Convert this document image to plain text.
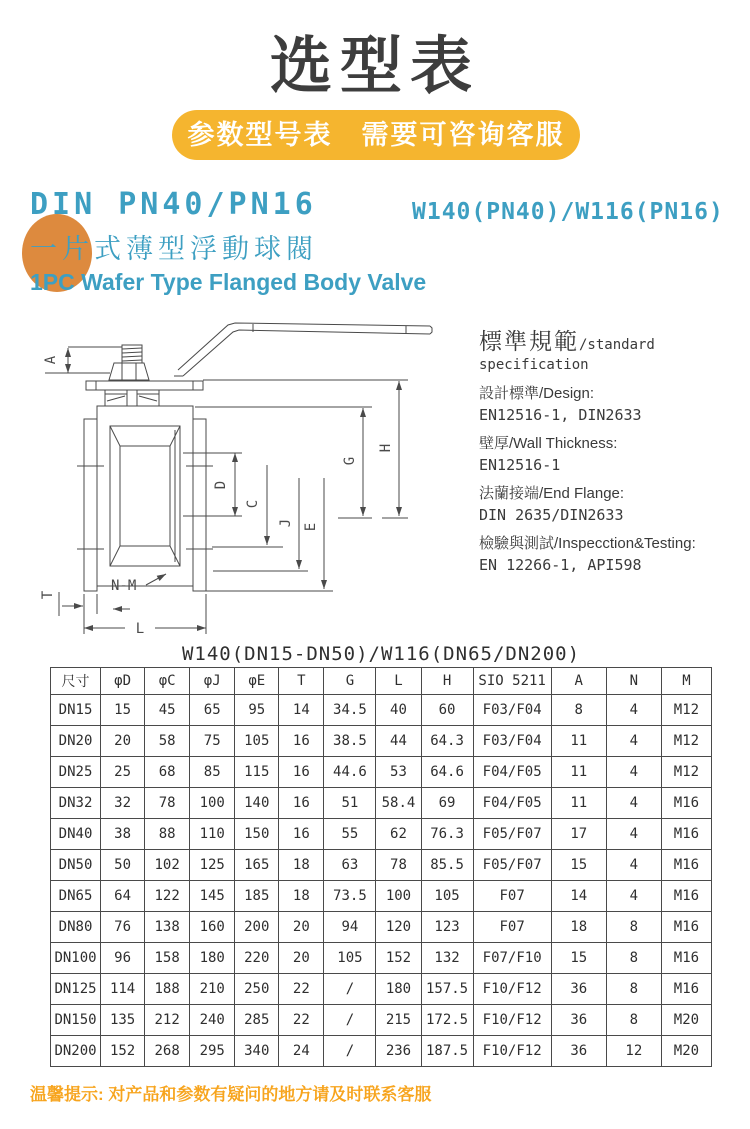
选型表
参数型号表　需要可咨询客服
DIN PN40/PN16
一片式薄型浮動球閥
1PC Wafer Type Flanged Body Valve
W140(PN40)/W116(PN16)
A
D
C
J E
G
H
T
L
N-M
標準規範/standard specification
設計標準/Design:
EN12516-1, DIN2633
壁厚/Wall Thickness:
EN12516-1
法蘭接端/End Flange:
DIN 2635/DIN2633
檢驗與測試/Inspecction&Testing:
EN 12266-1, API598
W140(DN15-DN50)/W116(DN65/DN200)
尺寸	φD	φC	φJ	φE	T	G	L	H	SIO 5211	A	N	M
DN15	15	45	65	95	14	34.5	40	60	F03/F04	8	4	M12
DN20	20	58	75	105	16	38.5	44	64.3	F03/F04	11	4	M12
DN25	25	68	85	115	16	44.6	53	64.6	F04/F05	11	4	M12
DN32	32	78	100	140	16	51	58.4	69	F04/F05	11	4	M16
DN40	38	88	110	150	16	55	62	76.3	F05/F07	17	4	M16
DN50	50	102	125	165	18	63	78	85.5	F05/F07	15	4	M16
DN65	64	122	145	185	18	73.5	100	105	F07	14	4	M16
DN80	76	138	160	200	20	94	120	123	F07	18	8	M16
DN100	96	158	180	220	20	105	152	132	F07/F10	15	8	M16
DN125	114	188	210	250	22	/	180	157.5	F10/F12	36	8	M16
DN150	135	212	240	285	22	/	215	172.5	F10/F12	36	8	M20
DN200	152	268	295	340	24	/	236	187.5	F10/F12	36	12	M20
温馨提示: 对产品和参数有疑问的地方请及时联系客服
